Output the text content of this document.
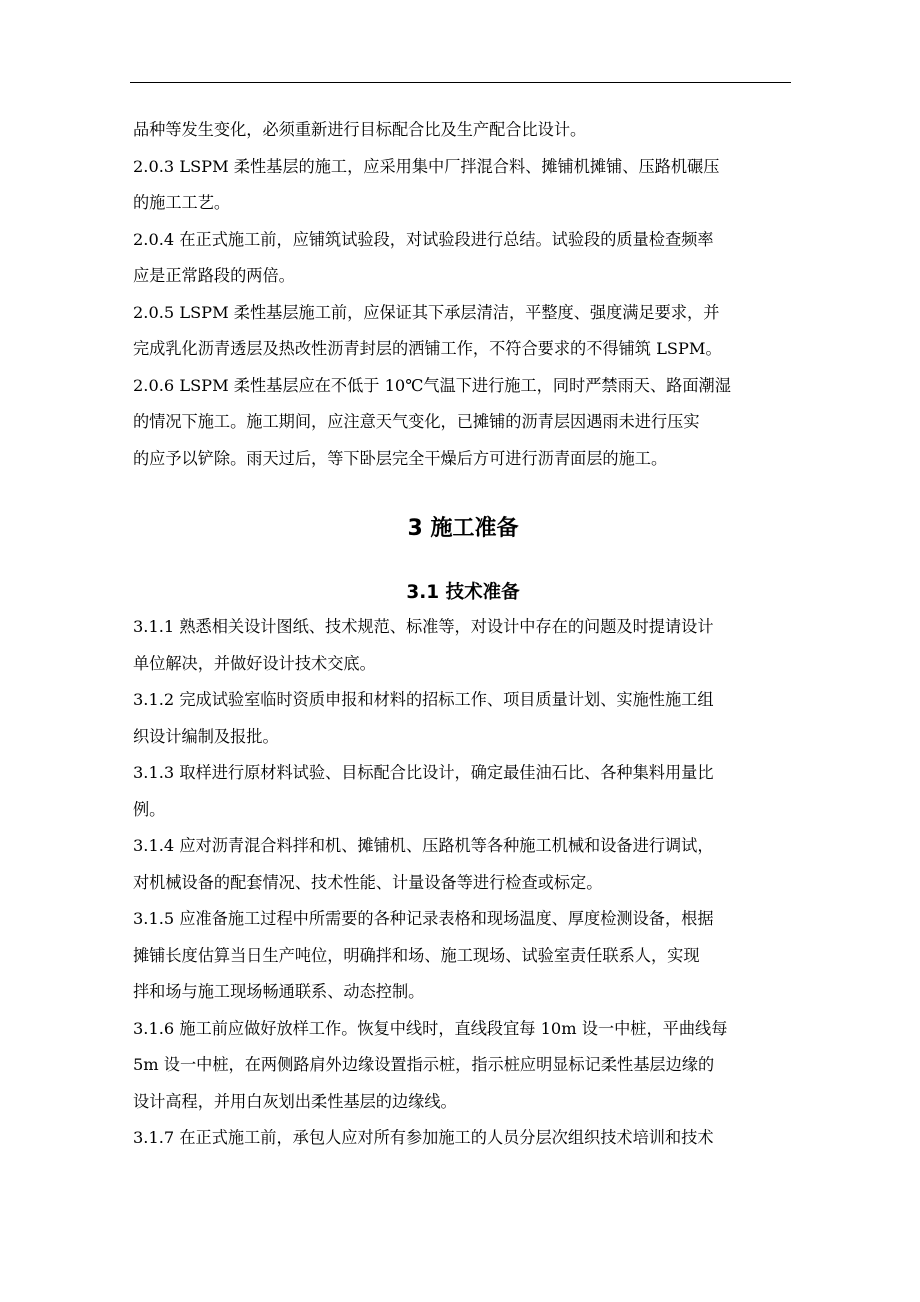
品种等发生变化，必须重新进行目标配合比及生产配合比设计。

2.0.3 LSPM 柔性基层的施工，应采用集中厂拌混合料、摊铺机摊铺、压路机碾压
的施工工艺。

2.0.4 在正式施工前，应铺筑试验段，对试验段进行总结。试验段的质量检查频率
应是正常路段的两倍。

2.0.5 LSPM 柔性基层施工前，应保证其下承层清洁，平整度、强度满足要求，并
完成乳化沥青透层及热改性沥青封层的洒铺工作，不符合要求的不得铺筑 LSPM。

2.0.6 LSPM 柔性基层应在不低于 10℃气温下进行施工，同时严禁雨天、路面潮湿
的情况下施工。施工期间，应注意天气变化，已摊铺的沥青层因遇雨未进行压实
的应予以铲除。雨天过后，等下卧层完全干燥后方可进行沥青面层的施工。

3 施工准备
3.1 技术准备

3.1.1 熟悉相关设计图纸、技术规范、标准等，对设计中存在的问题及时提请设计
单位解决，并做好设计技术交底。

3.1.2 完成试验室临时资质申报和材料的招标工作、项目质量计划、实施性施工组
织设计编制及报批。

3.1.3 取样进行原材料试验、目标配合比设计，确定最佳油石比、各种集料用量比
例。

3.1.4 应对沥青混合料拌和机、摊铺机、压路机等各种施工机械和设备进行调试，
对机械设备的配套情况、技术性能、计量设备等进行检查或标定。

3.1.5 应准备施工过程中所需要的各种记录表格和现场温度、厚度检测设备，根据
摊铺长度估算当日生产吨位，明确拌和场、施工现场、试验室责任联系人，实现
拌和场与施工现场畅通联系、动态控制。

3.1.6 施工前应做好放样工作。恢复中线时，直线段宜每 10m 设一中桩，平曲线每
5m 设一中桩，在两侧路肩外边缘设置指示桩，指示桩应明显标记柔性基层边缘的
设计高程，并用白灰划出柔性基层的边缘线。

3.1.7 在正式施工前，承包人应对所有参加施工的人员分层次组织技术培训和技术
